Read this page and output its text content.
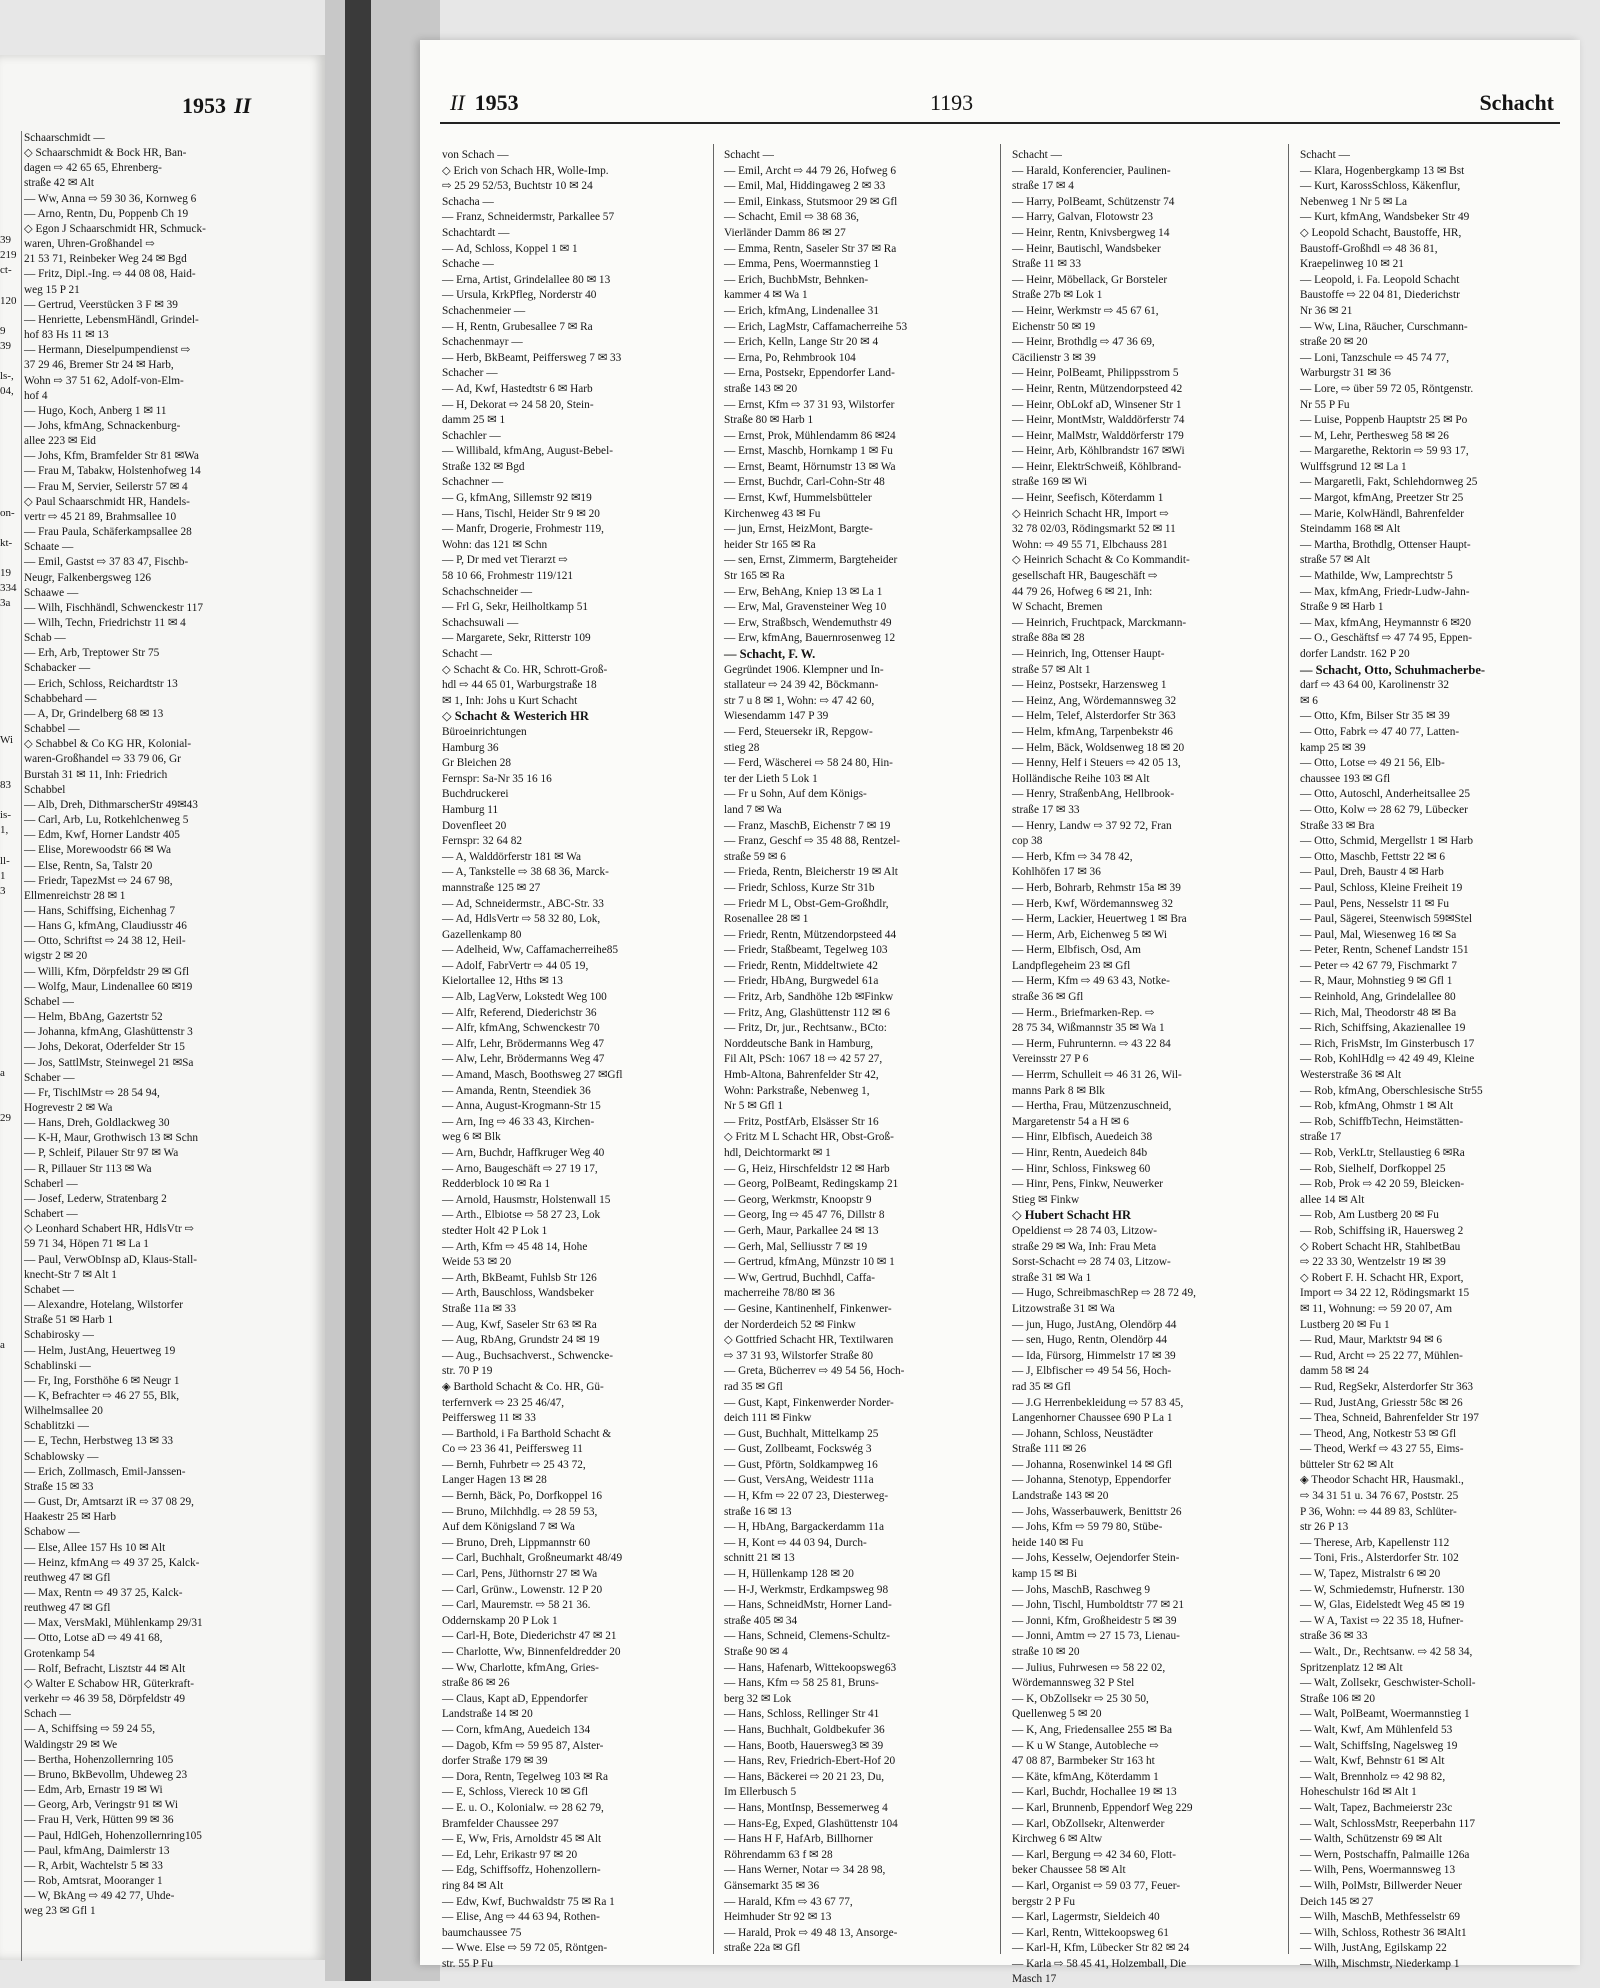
1953 II
39
219
ct-
120
9
39
ls-,
04,
on-
kt-
19
334
3a
Wi
83
is-
1,
ll-
1
3
a
29
a
Schaarschmidt —
◇ Schaarschmidt & Bock HR, Ban-
dagen ⇨ 42 65 65, Ehrenberg-
straße 42 ✉ Alt
— Ww, Anna ⇨ 59 30 36, Kornweg 6
— Arno, Rentn, Du, Poppenb Ch 19
◇ Egon J Schaarschmidt HR, Schmuck-
waren, Uhren-Großhandel ⇨
21 53 71, Reinbeker Weg 24 ✉ Bgd
— Fritz, Dipl.-Ing. ⇨ 44 08 08, Haid-
weg 15 P 21
— Gertrud, Veerstücken 3 F ✉ 39
— Henriette, LebensmHändl, Grindel-
hof 83 Hs 11 ✉ 13
— Hermann, Dieselpumpendienst ⇨
37 29 46, Bremer Str 24 ✉ Harb,
Wohn ⇨ 37 51 62, Adolf-von-Elm-
hof 4
— Hugo, Koch, Anberg 1 ✉ 11
— Johs, kfmAng, Schnackenburg-
allee 223 ✉ Eid
— Johs, Kfm, Bramfelder Str 81 ✉Wa
— Frau M, Tabakw, Holstenhofweg 14
— Frau M, Servier, Seilerstr 57 ✉ 4
◇ Paul Schaarschmidt HR, Handels-
vertr ⇨ 45 21 89, Brahmsallee 10
— Frau Paula, Schäferkampsallee 28
Schaate —
— Emil, Gastst ⇨ 37 83 47, Fischb-
Neugr, Falkenbergsweg 126
Schaawe —
— Wilh, Fischhändl, Schwenckestr 117
— Wilh, Techn, Friedrichstr 11 ✉ 4
Schab —
— Erh, Arb, Treptower Str 75
Schabacker —
— Erich, Schloss, Reichardtstr 13
Schabbehard —
— A, Dr, Grindelberg 68 ✉ 13
Schabbel —
◇ Schabbel & Co KG HR, Kolonial-
waren-Großhandel ⇨ 33 79 06, Gr
Burstah 31 ✉ 11, Inh: Friedrich
Schabbel
— Alb, Dreh, DithmarscherStr 49✉43
— Carl, Arb, Lu, Rotkehlchenweg 5
— Edm, Kwf, Horner Landstr 405
— Elise, Morewoodstr 66 ✉ Wa
— Else, Rentn, Sa, Talstr 20
— Friedr, TapezMst ⇨ 24 67 98,
Ellmenreichstr 28 ✉ 1
— Hans, Schiffsing, Eichenhag 7
— Hans G, kfmAng, Claudiusstr 46
— Otto, Schriftst ⇨ 24 38 12, Heil-
wigstr 2 ✉ 20
— Willi, Kfm, Dörpfeldstr 29 ✉ Gfl
— Wolfg, Maur, Lindenallee 60 ✉19
Schabel —
— Helm, BbAng, Gazertstr 52
— Johanna, kfmAng, Glashüttenstr 3
— Johs, Dekorat, Oderfelder Str 15
— Jos, SattlMstr, Steinwegel 21 ✉Sa
Schaber —
— Fr, TischlMstr ⇨ 28 54 94,
Hogrevestr 2 ✉ Wa
— Hans, Dreh, Goldlackweg 30
— K-H, Maur, Grothwisch 13 ✉ Schn
— P, Schleif, Pilauer Str 97 ✉ Wa
— R, Pillauer Str 113 ✉ Wa
Schaberl —
— Josef, Lederw, Stratenbarg 2
Schabert —
◇ Leonhard Schabert HR, HdlsVtr ⇨
59 71 34, Höpen 71 ✉ La 1
— Paul, VerwObInsp aD, Klaus-Stall-
knecht-Str 7 ✉ Alt 1
Schabet —
— Alexandre, Hotelang, Wilstorfer
Straße 51 ✉ Harb 1
Schabirosky —
— Helm, JustAng, Heuertweg 19
Schablinski —
— Fr, Ing, Forsthöhe 6 ✉ Neugr 1
— K, Befrachter ⇨ 46 27 55, Blk,
Wilhelmsallee 20
Schablitzki —
— E, Techn, Herbstweg 13 ✉ 33
Schablowsky —
— Erich, Zollmasch, Emil-Janssen-
Straße 15 ✉ 33
— Gust, Dr, Amtsarzt iR ⇨ 37 08 29,
Haakestr 25 ✉ Harb
Schabow —
— Else, Allee 157 Hs 10 ✉ Alt
— Heinz, kfmAng ⇨ 49 37 25, Kalck-
reuthweg 47 ✉ Gfl
— Max, Rentn ⇨ 49 37 25, Kalck-
reuthweg 47 ✉ Gfl
— Max, VersMakl, Mühlenkamp 29/31
— Otto, Lotse aD ⇨ 49 41 68,
Grotenkamp 54
— Rolf, Befracht, Lisztstr 44 ✉ Alt
◇ Walter E Schabow HR, Güterkraft-
verkehr ⇨ 46 39 58, Dörpfeldstr 49
Schach —
— A, Schiffsing ⇨ 59 24 55,
Waldingstr 29 ✉ We
— Bertha, Hohenzollernring 105
— Bruno, BkBevollm, Uhdeweg 23
— Edm, Arb, Ernastr 19 ✉ Wi
— Georg, Arb, Veringstr 91 ✉ Wi
— Frau H, Verk, Hütten 99 ✉ 36
— Paul, HdlGeh, Hohenzollernring105
— Paul, kfmAng, Daimlerstr 13
— R, Arbit, Wachtelstr 5 ✉ 33
— Rob, Amtsrat, Mooranger 1
— W, BkAng ⇨ 49 42 77, Uhde-
weg 23 ✉ Gfl 1
II 1953	1193	Schacht
von Schach —
◇ Erich von Schach HR, Wolle-Imp.
⇨ 25 29 52/53, Buchtstr 10 ✉ 24
Schacha —
— Franz, Schneidermstr, Parkallee 57
Schachtardt —
— Ad, Schloss, Koppel 1 ✉ 1
Schache —
— Erna, Artist, Grindelallee 80 ✉ 13
— Ursula, KrkPfleg, Norderstr 40
Schachenmeier —
— H, Rentn, Grubesallee 7 ✉ Ra
Schachenmayr —
— Herb, BkBeamt, Peiffersweg 7 ✉ 33
Schacher —
— Ad, Kwf, Hastedtstr 6 ✉ Harb
— H, Dekorat ⇨ 24 58 20, Stein-
damm 25 ✉ 1
Schachler —
— Willibald, kfmAng, August-Bebel-
Straße 132 ✉ Bgd
Schachner —
— G, kfmAng, Sillemstr 92 ✉19
— Hans, Tischl, Heider Str 9 ✉ 20
— Manfr, Drogerie, Frohmestr 119,
Wohn: das 121 ✉ Schn
— P, Dr med vet Tierarzt ⇨
58 10 66, Frohmestr 119/121
Schachschneider —
— Frl G, Sekr, Heilholtkamp 51
Schachsuwali —
— Margarete, Sekr, Ritterstr 109
Schacht —
◇ Schacht & Co. HR, Schrott-Groß-
hdl ⇨ 44 65 01, Warburgstraße 18
✉ 1, Inh: Johs u Kurt Schacht
◇ Schacht & Westerich HR
Büroeinrichtungen
Hamburg 36
Gr Bleichen 28
Fernspr: Sa-Nr 35 16 16
Buchdruckerei
Hamburg 11
Dovenfleet 20
Fernspr: 32 64 82
— A, Walddörferstr 181 ✉ Wa
— A, Tankstelle ⇨ 38 68 36, Marck-
mannstraße 125 ✉ 27
— Ad, Schneidermstr., ABC-Str. 33
— Ad, HdlsVertr ⇨ 58 32 80, Lok,
Gazellenkamp 80
— Adelheid, Ww, Caffamacherreihe85
— Adolf, FabrVertr ⇨ 44 05 19,
Kielortallee 12, Hths ✉ 13
— Alb, LagVerw, Lokstedt Weg 100
— Alfr, Referend, Diederichstr 36
— Alfr, kfmAng, Schwenckestr 70
— Alfr, Lehr, Brödermanns Weg 47
— Alw, Lehr, Brödermanns Weg 47
— Amand, Masch, Boothsweg 27 ✉Gfl
— Amanda, Rentn, Steendiek 36
— Anna, August-Krogmann-Str 15
— Arn, Ing ⇨ 46 33 43, Kirchen-
weg 6 ✉ Blk
— Arn, Buchdr, Haffkruger Weg 40
— Arno, Baugeschäft ⇨ 27 19 17,
Redderblock 10 ✉ Ra 1
— Arnold, Hausmstr, Holstenwall 15
— Arth., Elbiotse ⇨ 58 27 23, Lok
stedter Holt 42 P Lok 1
— Arth, Kfm ⇨ 45 48 14, Hohe
Weide 53 ✉ 20
— Arth, BkBeamt, Fuhlsb Str 126
— Arth, Bauschloss, Wandsbeker
Straße 11a ✉ 33
— Aug, Kwf, Saseler Str 63 ✉ Ra
— Aug, RbAng, Grundstr 24 ✉ 19
— Aug., Buchsachverst., Schwencke-
str. 70 P 19
◈ Barthold Schacht & Co. HR, Gü-
terfernverk ⇨ 23 25 46/47,
Peiffersweg 11 ✉ 33
— Barthold, i Fa Barthold Schacht &
Co ⇨ 23 36 41, Peiffersweg 11
— Bernh, Fuhrbetr ⇨ 25 43 72,
Langer Hagen 13 ✉ 28
— Bernh, Bäck, Po, Dorfkoppel 16
— Bruno, Milchhdlg. ⇨ 28 59 53,
Auf dem Königsland 7 ✉ Wa
— Bruno, Dreh, Lippmannstr 60
— Carl, Buchhalt, Großneumarkt 48/49
— Carl, Pens, Jüthornstr 27 ✉ Wa
— Carl, Grünw., Lowenstr. 12 P 20
— Carl, Mauremstr. ⇨ 58 21 36.
Oddernskamp 20 P Lok 1
— Carl-H, Bote, Diederichstr 47 ✉ 21
— Charlotte, Ww, Binnenfeldredder 20
— Ww, Charlotte, kfmAng, Gries-
straße 86 ✉ 26
— Claus, Kapt aD, Eppendorfer
Landstraße 14 ✉ 20
— Corn, kfmAng, Auedeich 134
— Dagob, Kfm ⇨ 59 95 87, Alster-
dorfer Straße 179 ✉ 39
— Dora, Rentn, Tegelweg 103 ✉ Ra
— E, Schloss, Viereck 10 ✉ Gfl
— E. u. O., Kolonialw. ⇨ 28 62 79,
Bramfelder Chaussee 297
— E, Ww, Fris, Arnoldstr 45 ✉ Alt
— Ed, Lehr, Erikastr 97 ✉ 20
— Edg, Schiffsoffz, Hohenzollern-
ring 84 ✉ Alt
— Edw, Kwf, Buchwaldstr 75 ✉ Ra 1
— Elise, Ang ⇨ 44 63 94, Rothen-
baumchaussee 75
— Wwe. Else ⇨ 59 72 05, Röntgen-
str. 55 P Fu
Schacht —
— Emil, Archt ⇨ 44 79 26, Hofweg 6
— Emil, Mal, Hiddingaweg 2 ✉ 33
— Emil, Einkass, Stutsmoor 29 ✉ Gfl
— Schacht, Emil ⇨ 38 68 36,
Vierländer Damm 86 ✉ 27
— Emma, Rentn, Saseler Str 37 ✉ Ra
— Emma, Pens, Woermannstieg 1
— Erich, BuchbMstr, Behnken-
kammer 4 ✉ Wa 1
— Erich, kfmAng, Lindenallee 31
— Erich, LagMstr, Caffamacherreihe 53
— Erich, Kelln, Lange Str 20 ✉ 4
— Erna, Po, Rehmbrook 104
— Erna, Postsekr, Eppendorfer Land-
straße 143 ✉ 20
— Ernst, Kfm ⇨ 37 31 93, Wilstorfer
Straße 80 ✉ Harb 1
— Ernst, Prok, Mühlendamm 86 ✉24
— Ernst, Maschb, Hornkamp 1 ✉ Fu
— Ernst, Beamt, Hörnumstr 13 ✉ Wa
— Ernst, Buchdr, Carl-Cohn-Str 48
— Ernst, Kwf, Hummelsbütteler
Kirchenweg 43 ✉ Fu
— jun, Ernst, HeizMont, Bargte-
heider Str 165 ✉ Ra
— sen, Ernst, Zimmerm, Bargteheider
Str 165 ✉ Ra
— Erw, BehAng, Kniep 13 ✉ La 1
— Erw, Mal, Gravensteiner Weg 10
— Erw, Straßbsch, Wendemuthstr 49
— Erw, kfmAng, Bauernrosenweg 12
— Schacht, F. W.
Gegründet 1906. Klempner und In-
stallateur ⇨ 24 39 42, Böckmann-
str 7 u 8 ✉ 1, Wohn: ⇨ 47 42 60,
Wiesendamm 147 P 39
— Ferd, Steuersekr iR, Repgow-
stieg 28
— Ferd, Wäscherei ⇨ 58 24 80, Hin-
ter der Lieth 5 Lok 1
— Fr u Sohn, Auf dem Königs-
land 7 ✉ Wa
— Franz, MaschB, Eichenstr 7 ✉ 19
— Franz, Geschf ⇨ 35 48 88, Rentzel-
straße 59 ✉ 6
— Frieda, Rentn, Bleicherstr 19 ✉ Alt
— Friedr, Schloss, Kurze Str 31b
— Friedr M L, Obst-Gem-Großhdlr,
Rosenallee 28 ✉ 1
— Friedr, Rentn, Mützendorpsteed 44
— Friedr, Staßbeamt, Tegelweg 103
— Friedr, Rentn, Middeltwiete 42
— Friedr, HbAng, Burgwedel 61a
— Fritz, Arb, Sandhöhe 12b ✉Finkw
— Fritz, Ang, Glashüttenstr 112 ✉ 6
— Fritz, Dr, jur., Rechtsanw., BCto:
Norddeutsche Bank in Hamburg,
Fil Alt, PSch: 1067 18 ⇨ 42 57 27,
Hmb-Altona, Bahrenfelder Str 42,
Wohn: Parkstraße, Nebenweg 1,
Nr 5 ✉ Gfl 1
— Fritz, PostfArb, Elsässer Str 16
◇ Fritz M L Schacht HR, Obst-Groß-
hdl, Deichtormarkt ✉ 1
— G, Heiz, Hirschfeldstr 12 ✉ Harb
— Georg, PolBeamt, Redingskamp 21
— Georg, Werkmstr, Knoopstr 9
— Georg, Ing ⇨ 45 47 76, Dillstr 8
— Gerh, Maur, Parkallee 24 ✉ 13
— Gerh, Mal, Selliusstr 7 ✉ 19
— Gertrud, kfmAng, Münzstr 10 ✉ 1
— Ww, Gertrud, Buchhdl, Caffa-
macherreihe 78/80 ✉ 36
— Gesine, Kantinenhelf, Finkenwer-
der Norderdeich 52 ✉ Finkw
◇ Gottfried Schacht HR, Textilwaren
⇨ 37 31 93, Wilstorfer Straße 80
— Greta, Bücherrev ⇨ 49 54 56, Hoch-
rad 35 ✉ Gfl
— Gust, Kapt, Finkenwerder Norder-
deich 111 ✉ Finkw
— Gust, Buchhalt, Mittelkamp 25
— Gust, Zollbeamt, Fockswég 3
— Gust, Pförtn, Soldkampweg 16
— Gust, VersAng, Weidestr 111a
— H, Kfm ⇨ 22 07 23, Diesterweg-
straße 16 ✉ 13
— H, HbAng, Bargackerdamm 11a
— H, Kont ⇨ 44 03 94, Durch-
schnitt 21 ✉ 13
— H, Hüllenkamp 128 ✉ 20
— H-J, Werkmstr, Erdkampsweg 98
— Hans, SchneidMstr, Horner Land-
straße 405 ✉ 34
— Hans, Schneid, Clemens-Schultz-
Straße 90 ✉ 4
— Hans, Hafenarb, Wittekoopsweg63
— Hans, Kfm ⇨ 58 25 81, Bruns-
berg 32 ✉ Lok
— Hans, Schloss, Rellinger Str 41
— Hans, Buchhalt, Goldbekufer 36
— Hans, Bootb, Hauersweg3 ✉ 39
— Hans, Rev, Friedrich-Ebert-Hof 20
— Hans, Bäckerei ⇨ 20 21 23, Du,
Im Ellerbusch 5
— Hans, MontInsp, Bessemerweg 4
— Hans-Eg, Exped, Glashüttenstr 104
— Hans H F, HafArb, Billhorner
Röhrendamm 63 f ✉ 28
— Hans Werner, Notar ⇨ 34 28 98,
Gänsemarkt 35 ✉ 36
— Harald, Kfm ⇨ 43 67 77,
Heimhuder Str 92 ✉ 13
— Harald, Prok ⇨ 49 48 13, Ansorge-
straße 22a ✉ Gfl
Schacht —
— Harald, Konferencier, Paulinen-
straße 17 ✉ 4
— Harry, PolBeamt, Schützenstr 74
— Harry, Galvan, Flotowstr 23
— Heinr, Rentn, Knivsbergweg 14
— Heinr, Bautischl, Wandsbeker
Straße 11 ✉ 33
— Heinr, Möbellack, Gr Borsteler
Straße 27b ✉ Lok 1
— Heinr, Werkmstr ⇨ 45 67 61,
Eichenstr 50 ✉ 19
— Heinr, Brothdlg ⇨ 47 36 69,
Cäcilienstr 3 ✉ 39
— Heinr, PolBeamt, Philippsstrom 5
— Heinr, Rentn, Mützendorpsteed 42
— Heinr, ObLokf aD, Winsener Str 1
— Heinr, MontMstr, Walddörferstr 74
— Heinr, MalMstr, Walddörferstr 179
— Heinr, Arb, Köhlbrandstr 167 ✉Wi
— Heinr, ElektrSchweiß, Köhlbrand-
straße 169 ✉ Wi
— Heinr, Seefisch, Köterdamm 1
◇ Heinrich Schacht HR, Import ⇨
32 78 02/03, Rödingsmarkt 52 ✉ 11
Wohn: ⇨ 49 55 71, Elbchauss 281
◇ Heinrich Schacht & Co Kommandit-
gesellschaft HR, Baugeschäft ⇨
44 79 26, Hofweg 6 ✉ 21, Inh:
W Schacht, Bremen
— Heinrich, Fruchtpack, Marckmann-
straße 88a ✉ 28
— Heinrich, Ing, Ottenser Haupt-
straße 57 ✉ Alt 1
— Heinz, Postsekr, Harzensweg 1
— Heinz, Ang, Wördemannsweg 32
— Helm, Telef, Alsterdorfer Str 363
— Helm, kfmAng, Tarpenbekstr 46
— Helm, Bäck, Woldsenweg 18 ✉ 20
— Henny, Helf i Steuers ⇨ 42 05 13,
Holländische Reihe 103 ✉ Alt
— Henry, StraßenbAng, Hellbrook-
straße 17 ✉ 33
— Henry, Landw ⇨ 37 92 72, Fran
cop 38
— Herb, Kfm ⇨ 34 78 42,
Kohlhöfen 17 ✉ 36
— Herb, Bohrarb, Rehmstr 15a ✉ 39
— Herb, Kwf, Wördemannsweg 32
— Herm, Lackier, Heuertweg 1 ✉ Bra
— Herm, Arb, Eichenweg 5 ✉ Wi
— Herm, Elbfisch, Osd, Am
Landpflegeheim 23 ✉ Gfl
— Herm, Kfm ⇨ 49 63 43, Notke-
straße 36 ✉ Gfl
— Herm., Briefmarken-Rep. ⇨
28 75 34, Wißmannstr 35 ✉ Wa 1
— Herm, Fuhrunternn. ⇨ 43 22 84
Vereinsstr 27 P 6
— Herrm, Schulleit ⇨ 46 31 26, Wil-
manns Park 8 ✉ Blk
— Hertha, Frau, Mützenzuschneid,
Margaretenstr 54 a H ✉ 6
— Hinr, Elbfisch, Auedeich 38
— Hinr, Rentn, Auedeich 84b
— Hinr, Schloss, Finksweg 60
— Hinr, Pens, Finkw, Neuwerker
Stieg ✉ Finkw
◇ Hubert Schacht HR
Opeldienst ⇨ 28 74 03, Litzow-
straße 29 ✉ Wa, Inh: Frau Meta
Sorst-Schacht ⇨ 28 74 03, Litzow-
straße 31 ✉ Wa 1
— Hugo, SchreibmaschRep ⇨ 28 72 49,
Litzowstraße 31 ✉ Wa
— jun, Hugo, JustAng, Olendörp 44
— sen, Hugo, Rentn, Olendörp 44
— Ida, Fürsorg, Himmelstr 17 ✉ 39
— J, Elbfischer ⇨ 49 54 56, Hoch-
rad 35 ✉ Gfl
— J.G Herrenbekleidung ⇨ 57 83 45,
Langenhorner Chaussee 690 P La 1
— Johann, Schloss, Neustädter
Straße 111 ✉ 26
— Johanna, Rosenwinkel 14 ✉ Gfl
— Johanna, Stenotyp, Eppendorfer
Landstraße 143 ✉ 20
— Johs, Wasserbauwerk, Benittstr 26
— Johs, Kfm ⇨ 59 79 80, Stübe-
heide 140 ✉ Fu
— Johs, Kesselw, Oejendorfer Stein-
kamp 15 ✉ Bi
— Johs, MaschB, Raschweg 9
— John, Tischl, Humboldtstr 77 ✉ 21
— Jonni, Kfm, Großheidestr 5 ✉ 39
— Jonni, Amtm ⇨ 27 15 73, Lienau-
straße 10 ✉ 20
— Julius, Fuhrwesen ⇨ 58 22 02,
Wördemannsweg 32 P Stel
— K, ObZollsekr ⇨ 25 30 50,
Quellenweg 5 ✉ 20
— K, Ang, Friedensallee 255 ✉ Ba
— K u W Stange, Autobleche ⇨
47 08 87, Barmbeker Str 163 ht
— Käte, kfmAng, Köterdamm 1
— Karl, Buchdr, Hochallee 19 ✉ 13
— Karl, Brunnenb, Eppendorf Weg 229
— Karl, ObZollsekr, Altenwerder
Kirchweg 6 ✉ Altw
— Karl, Bergung ⇨ 42 34 60, Flott-
beker Chaussee 58 ✉ Alt
— Karl, Organist ⇨ 59 03 77, Feuer-
bergstr 2 P Fu
— Karl, Lagermstr, Sieldeich 40
— Karl, Rentn, Wittekoopsweg 61
— Karl-H, Kfm, Lübecker Str 82 ✉ 24
— Karla ⇨ 58 45 41, Holzemball, Die
Masch 17
Schacht —
— Klara, Hogenbergkamp 13 ✉ Bst
— Kurt, KarossSchloss, Käkenflur,
Nebenweg 1 Nr 5 ✉ La
— Kurt, kfmAng, Wandsbeker Str 49
◇ Leopold Schacht, Baustoffe, HR,
Baustoff-Großhdl ⇨ 48 36 81,
Kraepelinweg 10 ✉ 21
— Leopold, i. Fa. Leopold Schacht
Baustoffe ⇨ 22 04 81, Diederichstr
Nr 36 ✉ 21
— Ww, Lina, Räucher, Curschmann-
straße 20 ✉ 20
— Loni, Tanzschule ⇨ 45 74 77,
Warburgstr 31 ✉ 36
— Lore, ⇨ über 59 72 05, Röntgenstr.
Nr 55 P Fu
— Luise, Poppenb Hauptstr 25 ✉ Po
— M, Lehr, Perthesweg 58 ✉ 26
— Margarethe, Rektorin ⇨ 59 93 17,
Wulffsgrund 12 ✉ La 1
— Margaretli, Fakt, Schlehdornweg 25
— Margot, kfmAng, Preetzer Str 25
— Marie, KolwHändl, Bahrenfelder
Steindamm 168 ✉ Alt
— Martha, Brothdlg, Ottenser Haupt-
straße 57 ✉ Alt
— Mathilde, Ww, Lamprechtstr 5
— Max, kfmAng, Friedr-Ludw-Jahn-
Straße 9 ✉ Harb 1
— Max, kfmAng, Heymannstr 6 ✉20
— O., Geschäftsf ⇨ 47 74 95, Eppen-
dorfer Landstr. 162 P 20
— Schacht, Otto, Schuhmacherbe-
darf ⇨ 43 64 00, Karolinenstr 32
✉ 6
— Otto, Kfm, Bilser Str 35 ✉ 39
— Otto, Fabrk ⇨ 47 40 77, Latten-
kamp 25 ✉ 39
— Otto, Lotse ⇨ 49 21 56, Elb-
chaussee 193 ✉ Gfl
— Otto, Autoschl, Anderheitsallee 25
— Otto, Kolw ⇨ 28 62 79, Lübecker
Straße 33 ✉ Bra
— Otto, Schmid, Mergellstr 1 ✉ Harb
— Otto, Maschb, Fettstr 22 ✉ 6
— Paul, Dreh, Baustr 4 ✉ Harb
— Paul, Schloss, Kleine Freiheit 19
— Paul, Pens, Nesselstr 11 ✉ Fu
— Paul, Sägerei, Steenwisch 59✉Stel
— Paul, Mal, Wiesenweg 16 ✉ Sa
— Peter, Rentn, Schenef Landstr 151
— Peter ⇨ 42 67 79, Fischmarkt 7
— R, Maur, Mohnstieg 9 ✉ Gfl 1
— Reinhold, Ang, Grindelallee 80
— Rich, Mal, Theodorstr 48 ✉ Ba
— Rich, Schiffsing, Akazienallee 19
— Rich, FrisMstr, Im Ginsterbusch 17
— Rob, KohlHdlg ⇨ 42 49 49, Kleine
Westerstraße 36 ✉ Alt
— Rob, kfmAng, Oberschlesische Str55
— Rob, kfmAng, Ohmstr 1 ✉ Alt
— Rob, SchiffbTechn, Heimstätten-
straße 17
— Rob, VerkLtr, Stellaustieg 6 ✉Ra
— Rob, Sielhelf, Dorfkoppel 25
— Rob, Prok ⇨ 42 20 59, Bleicken-
allee 14 ✉ Alt
— Rob, Am Lustberg 20 ✉ Fu
— Rob, Schiffsing iR, Hauersweg 2
◇ Robert Schacht HR, StahlbetBau
⇨ 22 33 30, Wentzelstr 19 ✉ 39
◇ Robert F. H. Schacht HR, Export,
Import ⇨ 34 22 12, Rödingsmarkt 15
✉ 11, Wohnung: ⇨ 59 20 07, Am
Lustberg 20 ✉ Fu 1
— Rud, Maur, Marktstr 94 ✉ 6
— Rud, Archt ⇨ 25 22 77, Mühlen-
damm 58 ✉ 24
— Rud, RegSekr, Alsterdorfer Str 363
— Rud, JustAng, Griesstr 58c ✉ 26
— Thea, Schneid, Bahrenfelder Str 197
— Theod, Ang, Notkestr 53 ✉ Gfl
— Theod, Werkf ⇨ 43 27 55, Eims-
bütteler Str 62 ✉ Alt
◈ Theodor Schacht HR, Hausmakl.,
⇨ 34 31 51 u. 34 76 67, Poststr. 25
P 36, Wohn: ⇨ 44 89 83, Schlüter-
str 26 P 13
— Therese, Arb, Kapellenstr 112
— Toni, Fris., Alsterdorfer Str. 102
— W, Tapez, Mistralstr 6 ✉ 20
— W, Schmiedemstr, Hufnerstr. 130
— W, Glas, Eidelstedt Weg 45 ✉ 19
— W A, Taxist ⇨ 22 35 18, Hufner-
straße 36 ✉ 33
— Walt., Dr., Rechtsanw. ⇨ 42 58 34,
Spritzenplatz 12 ✉ Alt
— Walt, Zollsekr, Geschwister-Scholl-
Straße 106 ✉ 20
— Walt, PolBeamt, Woermannstieg 1
— Walt, Kwf, Am Mühlenfeld 53
— Walt, SchiffsIng, Nagelsweg 19
— Walt, Kwf, Behnstr 61 ✉ Alt
— Walt, Brennholz ⇨ 42 98 82,
Hoheschulstr 16d ✉ Alt 1
— Walt, Tapez, Bachmeierstr 23c
— Walt, SchlossMstr, Reeperbahn 117
— Walth, Schützenstr 69 ✉ Alt
— Wern, Postschaffn, Palmaille 126a
— Wilh, Pens, Woermannsweg 13
— Wilh, PolMstr, Billwerder Neuer
Deich 145 ✉ 27
— Wilh, MaschB, Methfesselstr 69
— Wilh, Schloss, Rothestr 36 ✉Alt1
— Wilh, JustAng, Egilskamp 22
— Wilh, Mischmstr, Niederkamp 1
